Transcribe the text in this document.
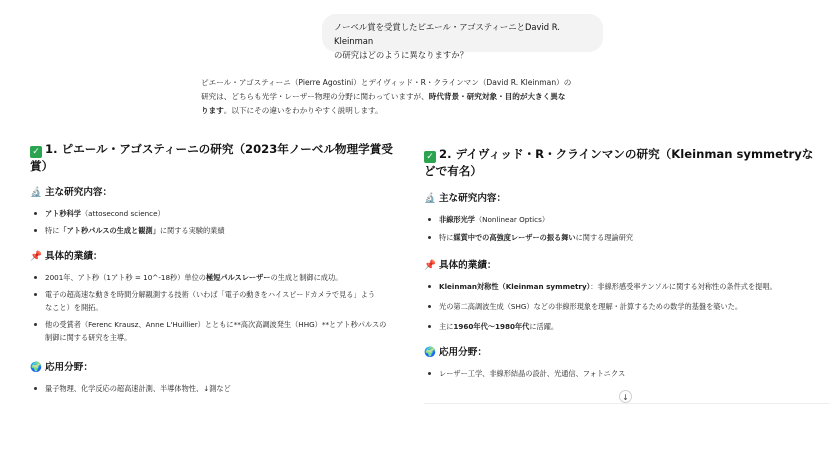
ノーベル賞を受賞したピエール・アゴスティーニとDavid R. Kleinman
の研究はどのように異なりますか？
ピエール・アゴスティーニ（Pierre Agostini）とデイヴィッド・R・クラインマン（David R. Kleinman）の
研究は、どちらも光学・レーザー物理の分野に関わっていますが、時代背景・研究対象・目的が大きく異な
ります。以下にその違いをわかりやすく説明します。
✓ 1. ピエール・アゴスティーニの研究（2023年ノーベル物理学賞受賞）
🔬 主な研究内容：
アト秒科学（attosecond science）
特に「アト秒パルスの生成と観測」に関する実験的業績
📌 具体的業績：
2001年、アト秒（1アト秒 = 10^-18秒）単位の極短パルスレーザーの生成と制御に成功。
電子の超高速な動きを時間分解観測する技術（いわば「電子の動きをハイスピードカメラで見る」よう
なこと）を開拓。
他の受賞者（Ferenc Krausz、Anne L'Huillier）とともに**高次高調波発生（HHG）**とアト秒パルスの
制御に関する研究を主導。
🌍 応用分野：
量子物理、化学反応の超高速計測、半導体物性、↓測など
✓ 2. デイヴィッド・R・クラインマンの研究（Kleinman symmetryなどで有名）
🔬 主な研究内容：
非線形光学（Nonlinear Optics）
特に媒質中での高強度レーザーの振る舞いに関する理論研究
📌 具体的業績：
Kleinman対称性（Kleinman symmetry）：非線形感受率テンソルに関する対称性の条件式を提唱。
光の第二高調波生成（SHG）などの非線形現象を理解・計算するための数学的基盤を築いた。
主に1960年代〜1980年代に活躍。
🌍 応用分野：
レーザー工学、非線形結晶の設計、光通信、フォトニクス
↓
